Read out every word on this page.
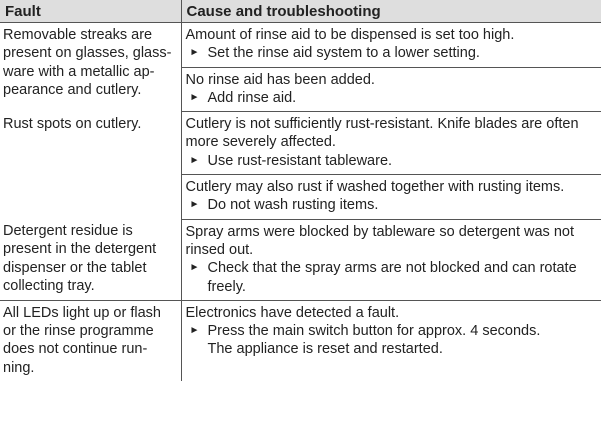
Fault	Cause and troubleshooting

Removable streaks are
present on glasses, glass-
ware with a metallic ap-
pearance and cutlery.	Amount of rinse aid to be dispensed is set too high.
► Set the rinse aid system to a lower setting.

	No rinse aid has been added.
► Add rinse aid.

Rust spots on cutlery.	Cutlery is not sufficiently rust-resistant. Knife blades are often more severely affected.
► Use rust-resistant tableware.

	Cutlery may also rust if washed together with rusting items.
► Do not wash rusting items.

Detergent residue is
present in the detergent
dispenser or the tablet
collecting tray.	Spray arms were blocked by tableware so detergent was not rinsed out.
► Check that the spray arms are not blocked and can rotate freely.

All LEDs light up or flash
or the rinse programme
does not continue run-
ning.	Electronics have detected a fault.
► Press the main switch button for approx. 4 seconds.
The appliance is reset and restarted.
